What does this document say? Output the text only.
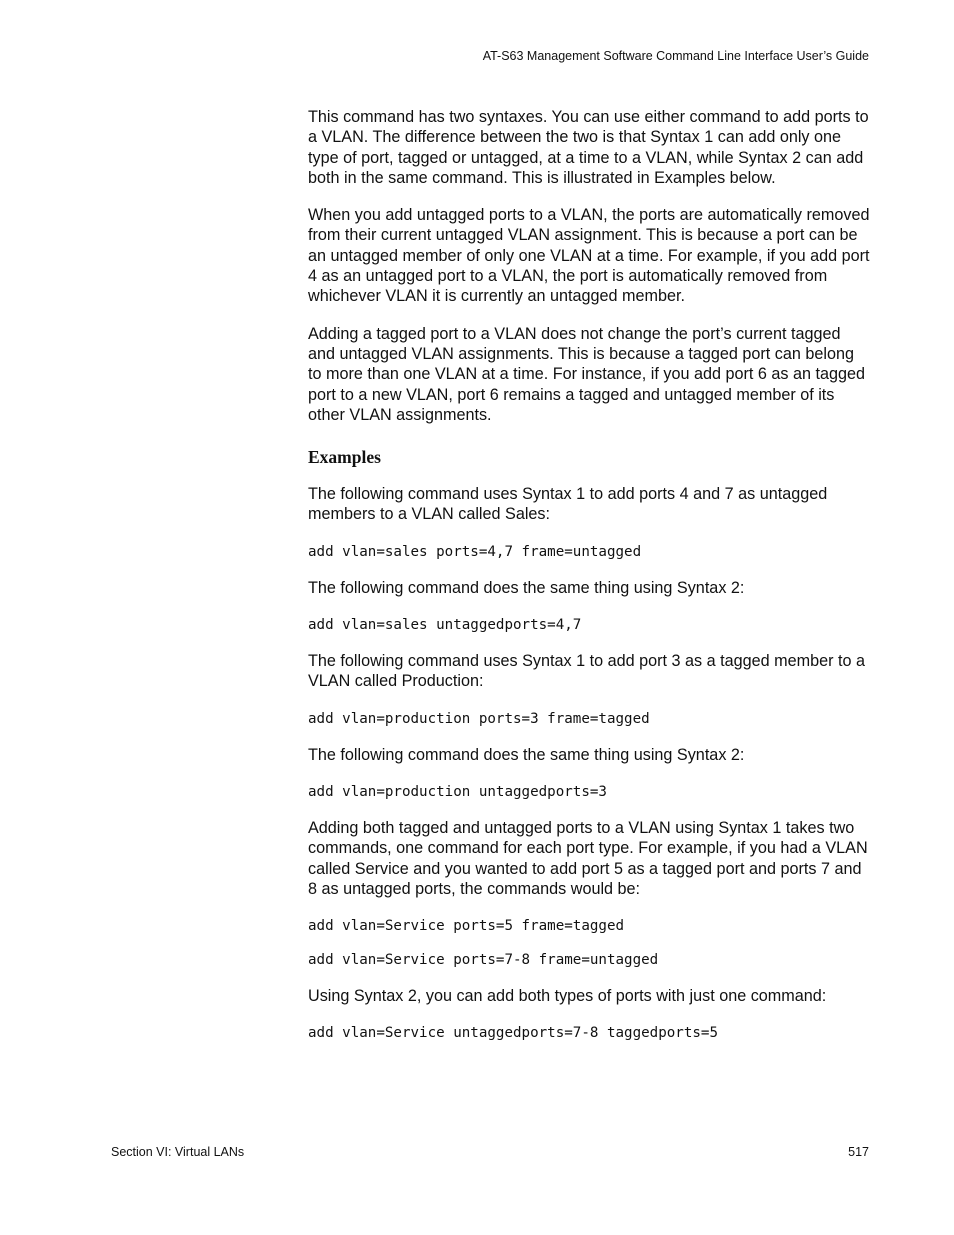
AT-S63 Management Software Command Line Interface User’s Guide

This command has two syntaxes. You can use either command to add ports to a VLAN. The difference between the two is that Syntax 1 can add only one type of port, tagged or untagged, at a time to a VLAN, while Syntax 2 can add both in the same command. This is illustrated in Examples below.

When you add untagged ports to a VLAN, the ports are automatically removed from their current untagged VLAN assignment. This is because a port can be an untagged member of only one VLAN at a time. For example, if you add port 4 as an untagged port to a VLAN, the port is automatically removed from whichever VLAN it is currently an untagged member.

Adding a tagged port to a VLAN does not change the port’s current tagged and untagged VLAN assignments. This is because a tagged port can belong to more than one VLAN at a time. For instance, if you add port 6 as an tagged port to a new VLAN, port 6 remains a tagged and untagged member of its other VLAN assignments.

Examples

The following command uses Syntax 1 to add ports 4 and 7 as untagged members to a VLAN called Sales:

add vlan=sales ports=4,7 frame=untagged

The following command does the same thing using Syntax 2:

add vlan=sales untaggedports=4,7

The following command uses Syntax 1 to add port 3 as a tagged member to a VLAN called Production:

add vlan=production ports=3 frame=tagged

The following command does the same thing using Syntax 2:

add vlan=production untaggedports=3

Adding both tagged and untagged ports to a VLAN using Syntax 1 takes two commands, one command for each port type. For example, if you had a VLAN called Service and you wanted to add port 5 as a tagged port and ports 7 and 8 as untagged ports, the commands would be:

add vlan=Service ports=5 frame=tagged
add vlan=Service ports=7-8 frame=untagged

Using Syntax 2, you can add both types of ports with just one command:

add vlan=Service untaggedports=7-8 taggedports=5
Section VI: Virtual LANs	517
